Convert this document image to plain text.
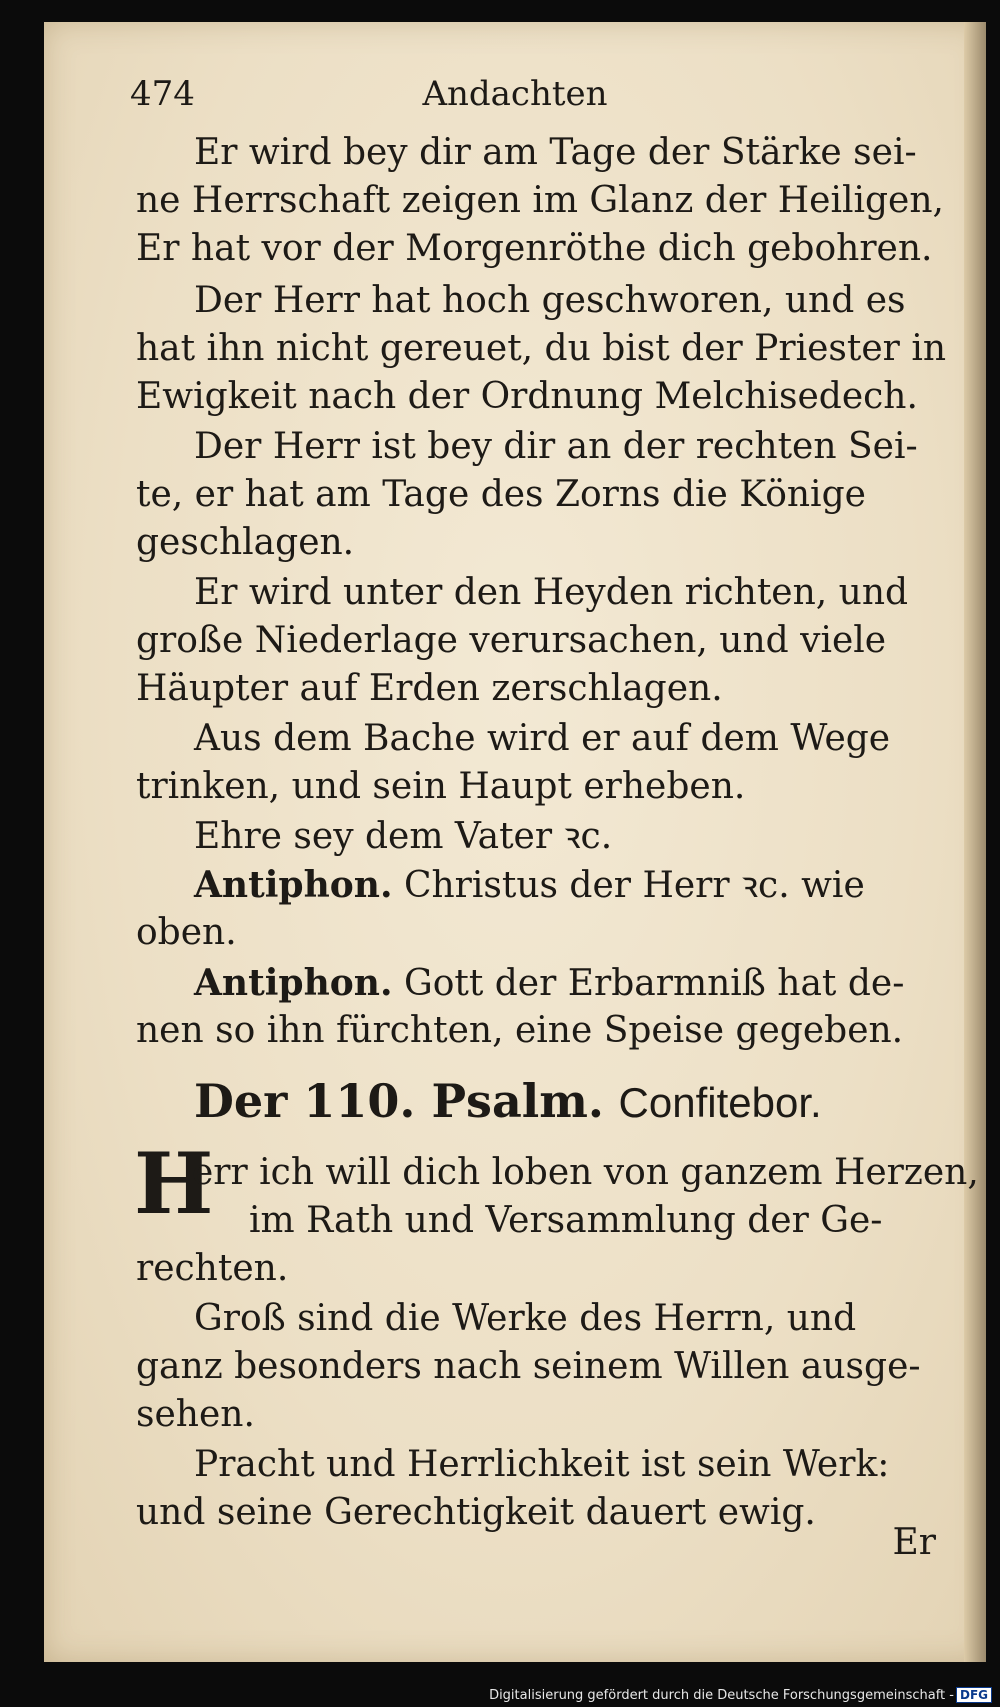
474	Andachten
Er wird bey dir am Tage der Stärke sei-
ne Herrschaft zeigen im Glanz der Heiligen,
Er hat vor der Morgenröthe dich gebohren.
Der Herr hat hoch geschworen, und es
hat ihn nicht gereuet, du bist der Priester in
Ewigkeit nach der Ordnung Melchisedech.
Der Herr ist bey dir an der rechten Sei-
te, er hat am Tage des Zorns die Könige
geschlagen.
Er wird unter den Heyden richten, und
große Niederlage verursachen, und viele
Häupter auf Erden zerschlagen.
Aus dem Bache wird er auf dem Wege
trinken, und sein Haupt erheben.
Ehre sey dem Vater ꝛc.
Antiphon. Christus der Herr ꝛc. wie
oben.
Antiphon. Gott der Erbarmniß hat de-
nen so ihn fürchten, eine Speise gegeben.
Der 110. Psalm. Confitebor.
H
err ich will dich loben von ganzem Herzen,
im Rath und Versammlung der Ge-
rechten.
Groß sind die Werke des Herrn, und
ganz besonders nach seinem Willen ausge-
sehen.
Pracht und Herrlichkeit ist sein Werk:
und seine Gerechtigkeit dauert ewig.
Er
Digitalisierung gefördert durch die Deutsche Forschungsgemeinschaft - DFG
